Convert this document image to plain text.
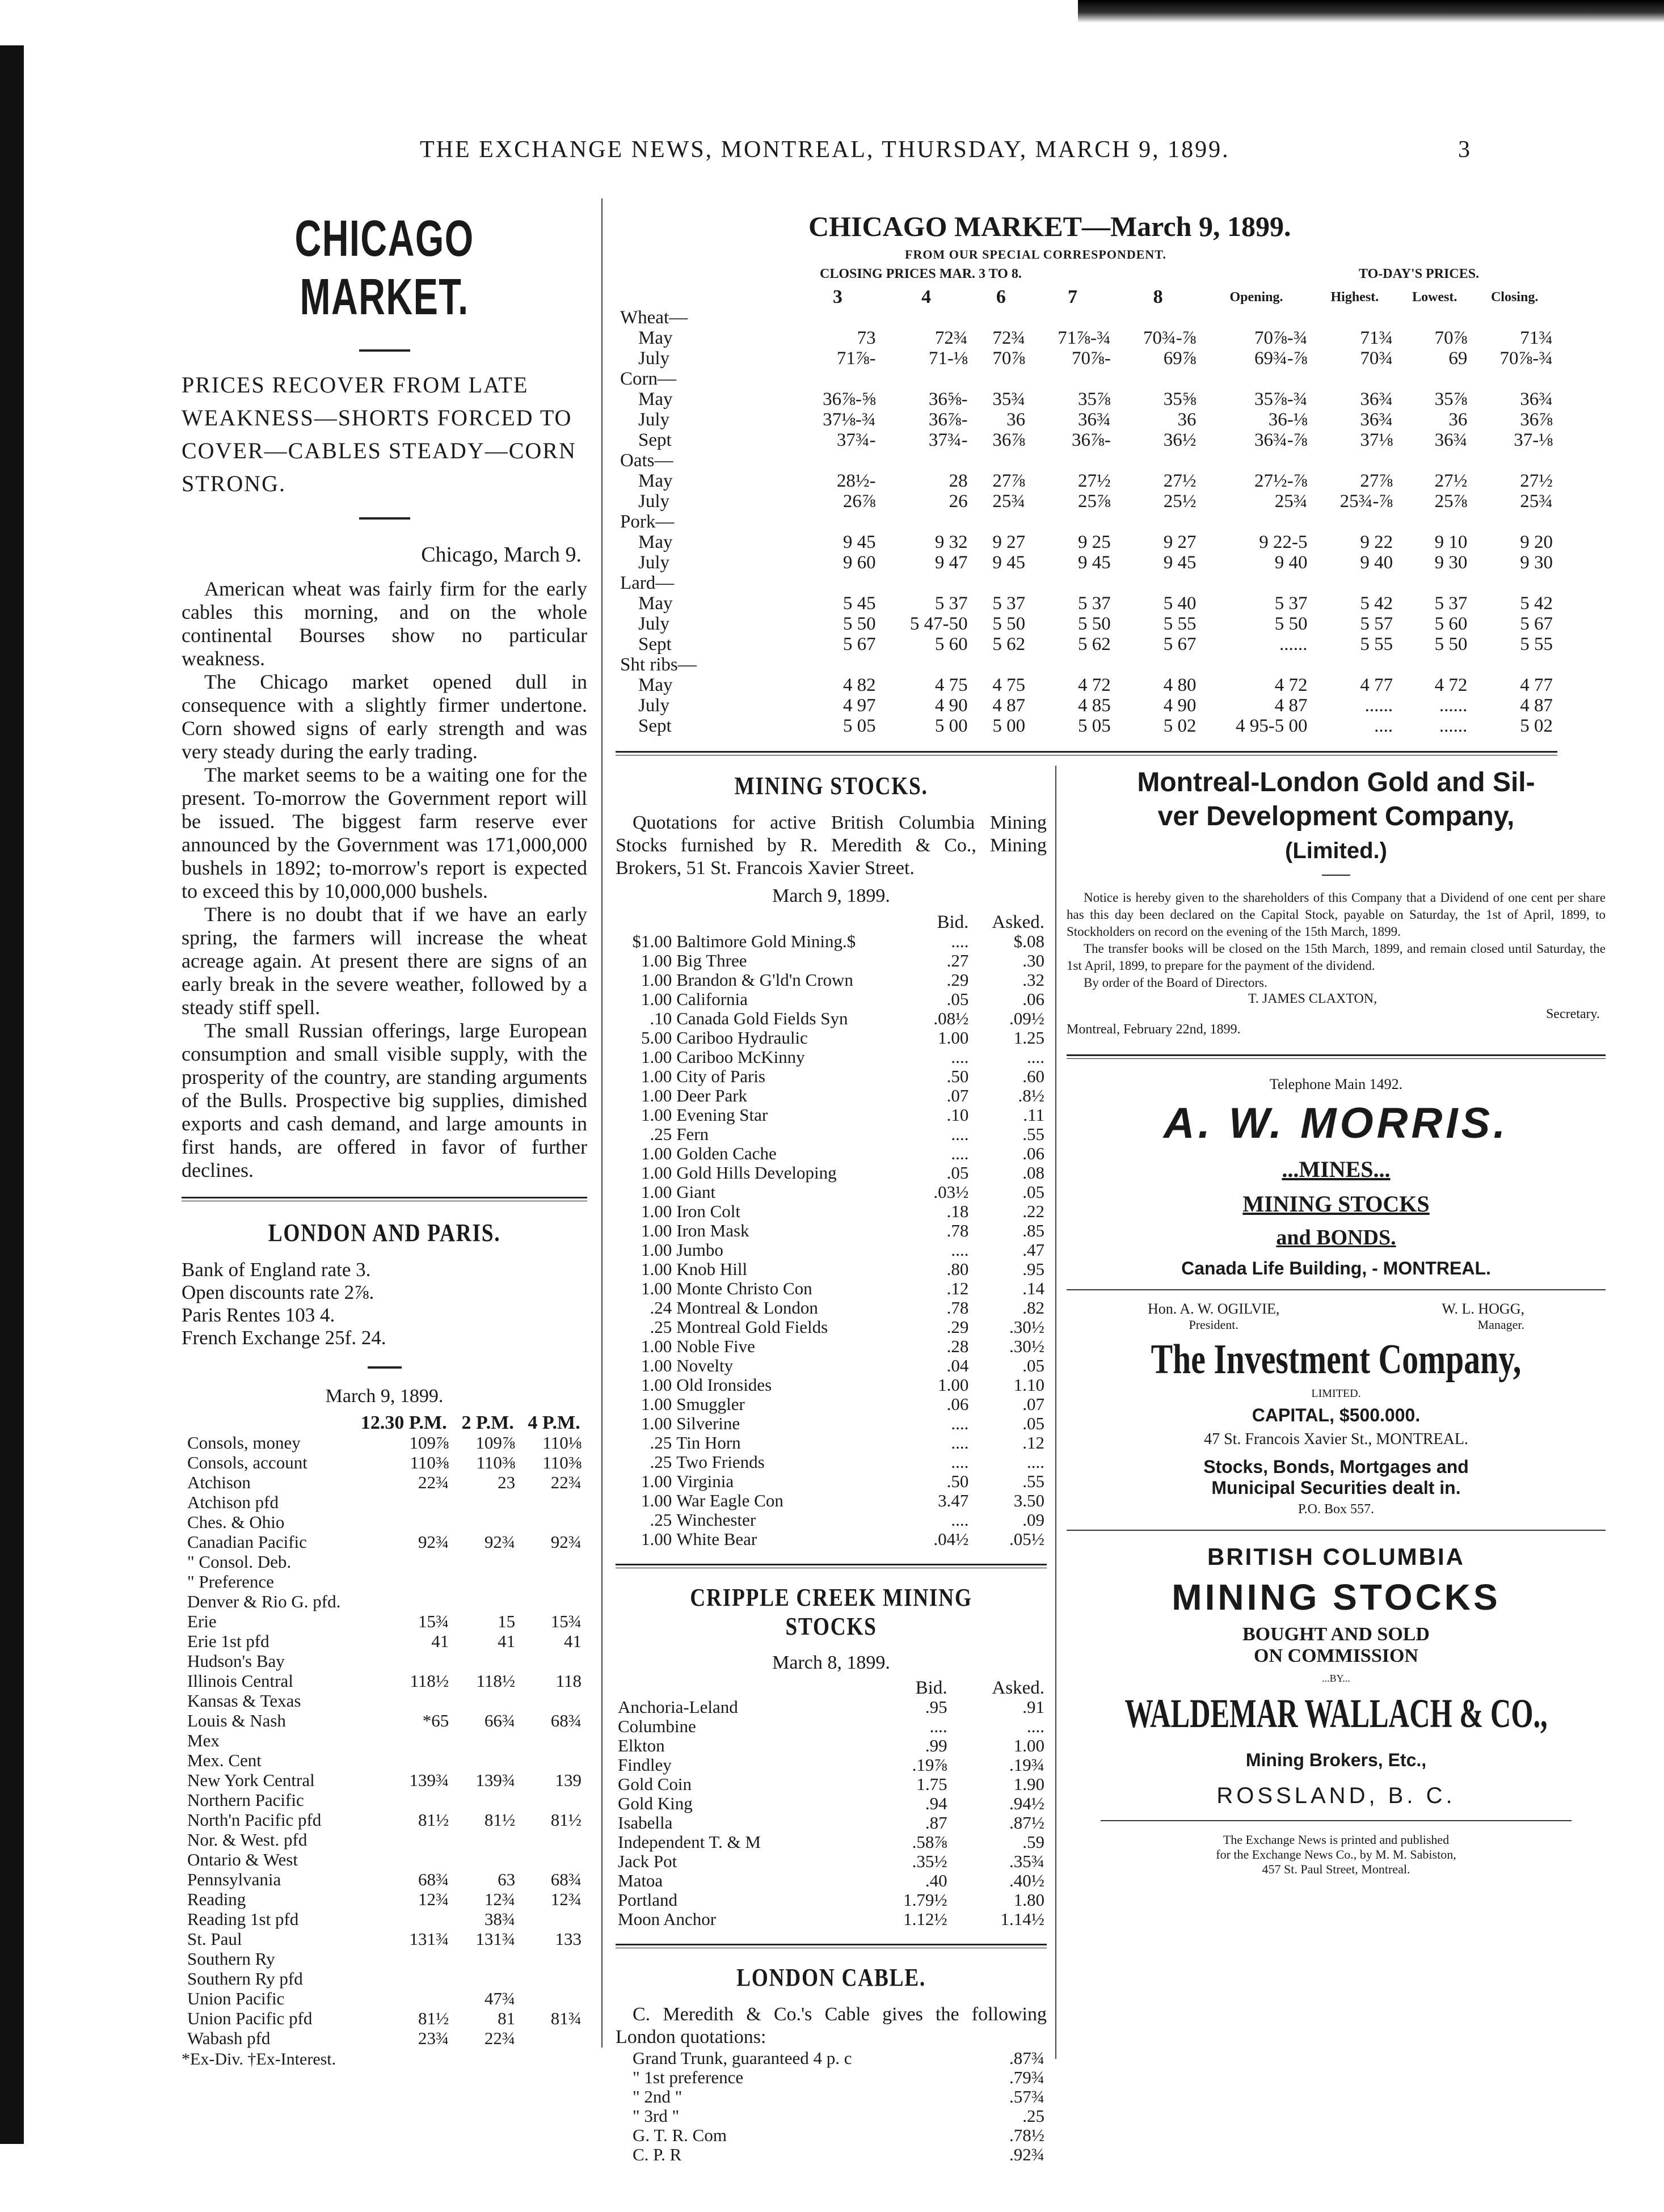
THE EXCHANGE NEWS, MONTREAL, THURSDAY, MARCH 9, 1899.	3
CHICAGO MARKET.

PRICES RECOVER FROM LATE WEAKNESS—SHORTS FORCED TO COVER—CABLES STEADY—CORN STRONG.

Chicago, March 9.

American wheat was fairly firm for the early cables this morning, and on the whole continental Bourses show no particular weakness.

The Chicago market opened dull in consequence with a slightly firmer undertone. Corn showed signs of early strength and was very steady during the early trading.

The market seems to be a waiting one for the present. To-morrow the Government report will be issued. The biggest farm reserve ever announced by the Government was 171,000,000 bushels in 1892; to-morrow's report is expected to exceed this by 10,000,000 bushels.

There is no doubt that if we have an early spring, the farmers will increase the wheat acreage again. At present there are signs of an early break in the severe weather, followed by a steady stiff spell.

The small Russian offerings, large European consumption and small visible supply, with the prosperity of the country, are standing arguments of the Bulls. Prospective big supplies, dimished exports and cash demand, and large amounts in first hands, are offered in favor of further declines.

LONDON AND PARIS.
Bank of England rate 3.
Open discounts rate 2⅞.
Paris Rentes 103 4.
French Exchange 25f. 24.
March 9, 1899.
	12.30 P.M.	2 P.M.	4 P.M.
Consols, money	109⅞	109⅞	110⅛
Consols, account	110⅜	110⅜	110⅜
Atchison	22¾	23	22¾
Atchison pfd			
Ches. & Ohio			
Canadian Pacific	92¾	92¾	92¾
" Consol. Deb.			
" Preference			
Denver & Rio G. pfd.			
Erie	15¾	15	15¾
Erie 1st pfd	41	41	41
Hudson's Bay			
Illinois Central	118½	118½	118
Kansas & Texas			
Louis & Nash	*65	66¾	68¾
Mex			
Mex. Cent			
New York Central	139¾	139¾	139
Northern Pacific			
North'n Pacific pfd	81½	81½	81½
Nor. & West. pfd			
Ontario & West			
Pennsylvania	68¾	63	68¾
Reading	12¾	12¾	12¾
Reading 1st pfd		38¾	
St. Paul	131¾	131¾	133
Southern Ry			
Southern Ry pfd			
Union Pacific		47¾	
Union Pacific pfd	81½	81	81¾
Wabash pfd	23¾	22¾	
*Ex-Div. †Ex-Interest.
CHICAGO MARKET—March 9, 1899.
FROM OUR SPECIAL CORRESPONDENT.
CLOSING PRICES MAR. 3 TO 8.	TO-DAY'S PRICES.
	3	4	6	7	8	Opening.	Highest.	Lowest.	Closing.
Wheat—									
May	73	72¾	72¾	71⅞-¾	70¾-⅞	70⅞-¾	71¾	70⅞	71¾
July	71⅞-	71-⅛	70⅞	70⅞-	69⅞	69¾-⅞	70¾	69	70⅞-¾
Corn—									
May	36⅞-⅝	36⅝-	35¾	35⅞	35⅝	35⅞-¾	36¾	35⅞	36¾
July	37⅛-¾	36⅞-	36	36¾	36	36-⅛	36¾	36	36⅞
Sept	37¾-	37¾-	36⅞	36⅞-	36½	36¾-⅞	37⅛	36¾	37-⅛
Oats—									
May	28½-	28	27⅞	27½	27½	27½-⅞	27⅞	27½	27½
July	26⅞	26	25¾	25⅞	25½	25¾	25¾-⅞	25⅞	25¾
Pork—									
May	9 45	9 32	9 27	9 25	9 27	9 22-5	9 22	9 10	9 20
July	9 60	9 47	9 45	9 45	9 45	9 40	9 40	9 30	9 30
Lard—									
May	5 45	5 37	5 37	5 37	5 40	5 37	5 42	5 37	5 42
July	5 50	5 47-50	5 50	5 50	5 55	5 50	5 57	5 60	5 67
Sept	5 67	5 60	5 62	5 62	5 67	......	5 55	5 50	5 55
Sht ribs—									
May	4 82	4 75	4 75	4 72	4 80	4 72	4 77	4 72	4 77
July	4 97	4 90	4 87	4 85	4 90	4 87	......	......	4 87
Sept	5 05	5 00	5 00	5 05	5 02	4 95-5 00	....	......	5 02
MINING STOCKS.

Quotations for active British Columbia Mining Stocks furnished by R. Meredith & Co., Mining Brokers, 51 St. Francois Xavier Street.

March 9, 1899.
		Bid.	Asked.
$1.00	Baltimore Gold Mining.$	....	$.08
1.00	Big Three	.27	.30
1.00	Brandon & G'ld'n Crown	.29	.32
1.00	California	.05	.06
.10	Canada Gold Fields Syn	.08½	.09½
5.00	Cariboo Hydraulic	1.00	1.25
1.00	Cariboo McKinny	....	....
1.00	City of Paris	.50	.60
1.00	Deer Park	.07	.8½
1.00	Evening Star	.10	.11
.25	Fern	....	.55
1.00	Golden Cache	....	.06
1.00	Gold Hills Developing	.05	.08
1.00	Giant	.03½	.05
1.00	Iron Colt	.18	.22
1.00	Iron Mask	.78	.85
1.00	Jumbo	....	.47
1.00	Knob Hill	.80	.95
1.00	Monte Christo Con	.12	.14
.24	Montreal & London	.78	.82
.25	Montreal Gold Fields	.29	.30½
1.00	Noble Five	.28	.30½
1.00	Novelty	.04	.05
1.00	Old Ironsides	1.00	1.10
1.00	Smuggler	.06	.07
1.00	Silverine	....	.05
.25	Tin Horn	....	.12
.25	Two Friends	....	....
1.00	Virginia	.50	.55
1.00	War Eagle Con	3.47	3.50
.25	Winchester	....	.09
1.00	White Bear	.04½	.05½
CRIPPLE CREEK MINING STOCKS
March 8, 1899.
	Bid.	Asked.
Anchoria-Leland	.95	.91
Columbine	....	....
Elkton	.99	1.00
Findley	.19⅞	.19¾
Gold Coin	1.75	1.90
Gold King	.94	.94½
Isabella	.87	.87½
Independent T. & M	.58⅞	.59
Jack Pot	.35½	.35¾
Matoa	.40	.40½
Portland	1.79½	1.80
Moon Anchor	1.12½	1.14½
LONDON CABLE.

C. Meredith & Co.'s Cable gives the following London quotations:

Grand Trunk, guaranteed 4 p. c	.87¾
" 1st preference	.79¾
" 2nd "	.57¾
" 3rd "	.25
G. T. R. Com	.78½
C. P. R	.92¾

Montreal-London Gold and Sil-

ver Development Company,

(Limited.)

Notice is hereby given to the shareholders of this Company that a Dividend of one cent per share has this day been declared on the Capital Stock, payable on Saturday, the 1st of April, 1899, to Stockholders on record on the evening of the 15th March, 1899.

The transfer books will be closed on the 15th March, 1899, and remain closed until Saturday, the 1st April, 1899, to prepare for the payment of the dividend.

By order of the Board of Directors.

T. JAMES CLAXTON,
Secretary.
Montreal, February 22nd, 1899.
Telephone Main 1492.
A. W. MORRIS.
...MINES...
MINING STOCKS
and BONDS.
Canada Life Building, - MONTREAL.
Hon. A. W. OGILVIE,
President.
W. L. HOGG,
Manager.
The Investment Company,
LIMITED.
CAPITAL, $500.000.
47 St. Francois Xavier St., MONTREAL.
Stocks, Bonds, Mortgages and
Municipal Securities dealt in.
P.O. Box 557.
BRITISH COLUMBIA
MINING STOCKS
BOUGHT AND SOLD
ON COMMISSION
...BY...
WALDEMAR WALLACH & CO.,
Mining Brokers, Etc.,
ROSSLAND, B. C.
The Exchange News is printed and published
for the Exchange News Co., by M. M. Sabiston,
457 St. Paul Street, Montreal.
